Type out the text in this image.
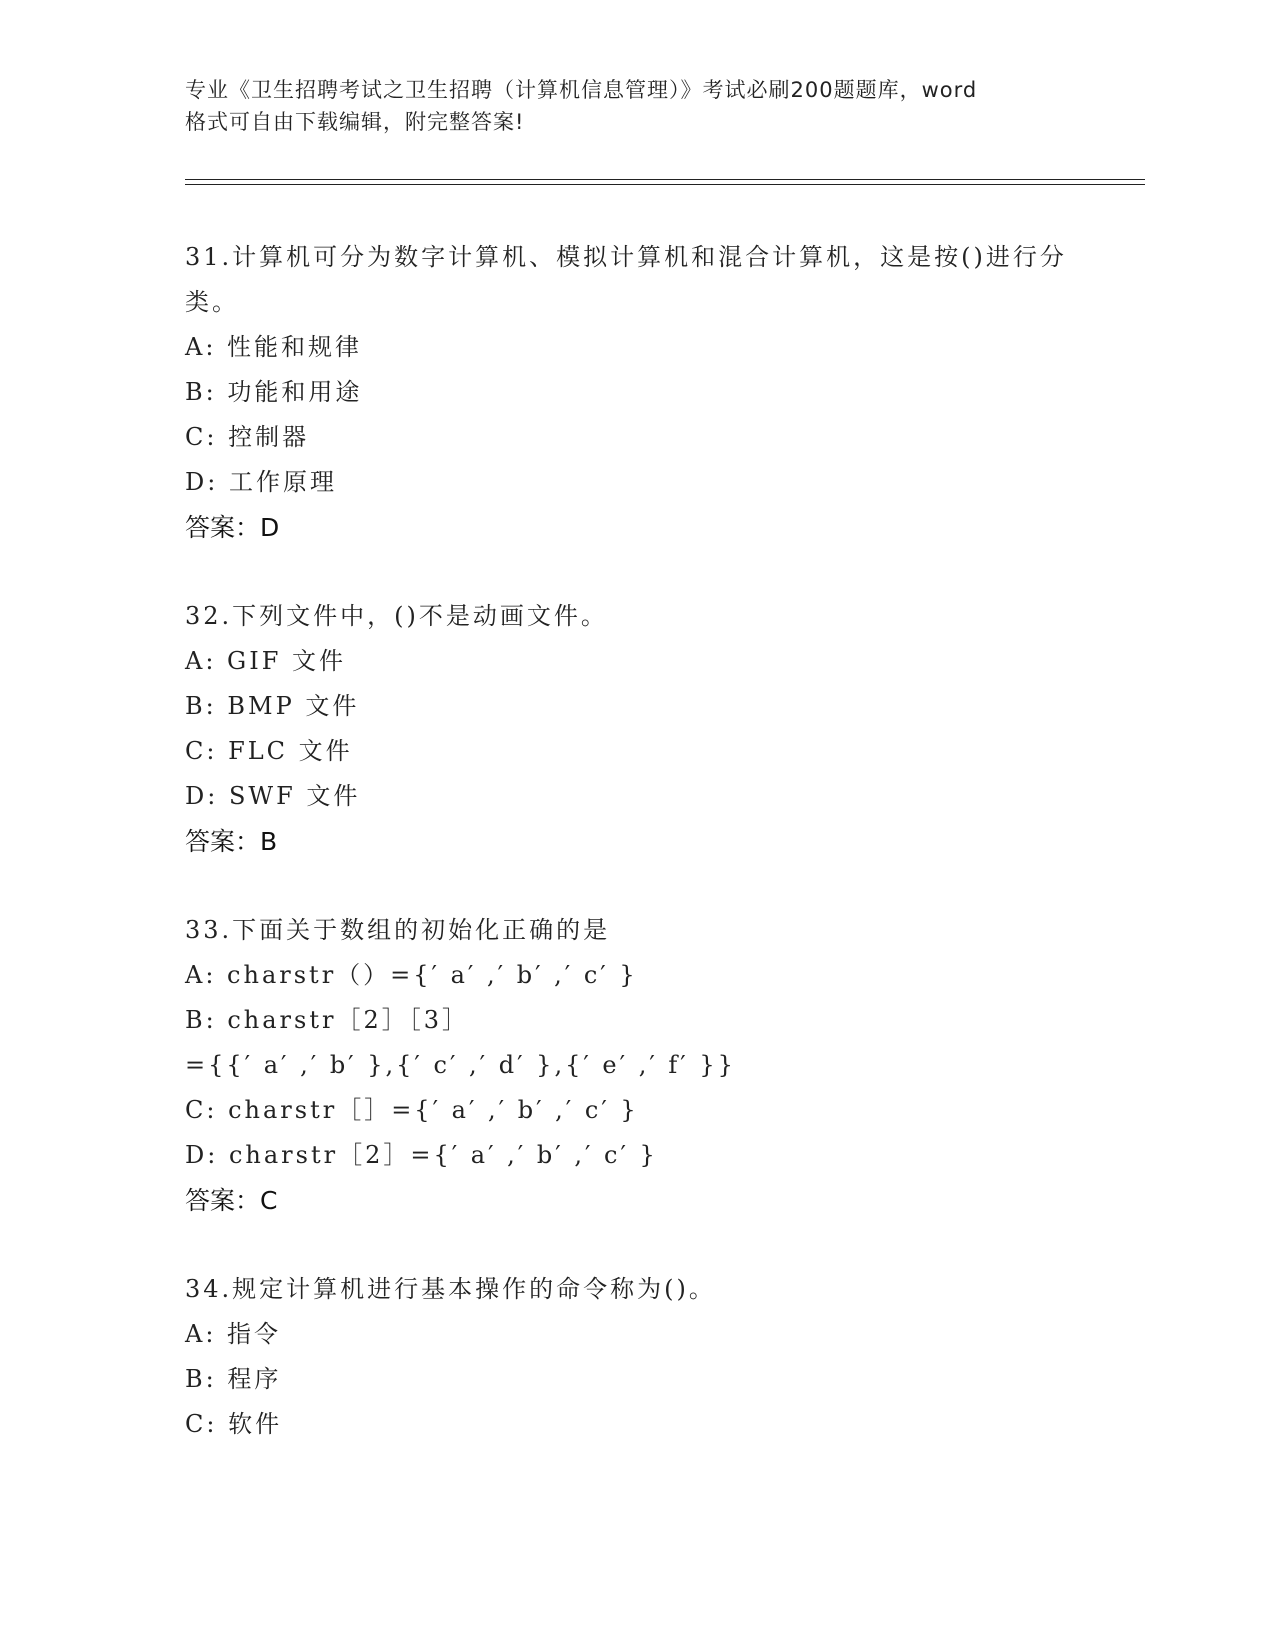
专业《卫生招聘考试之卫生招聘（计算机信息管理）》考试必刷200题题库，word
格式可自由下载编辑，附完整答案!
31.计算机可分为数字计算机、模拟计算机和混合计算机，这是按()进行分类。
A: 性能和规律
B: 功能和用途
C: 控制器
D: 工作原理
答案：D
32.下列文件中，()不是动画文件。
A: GIF 文件
B: BMP 文件
C: FLC 文件
D: SWF 文件
答案：B
33.下面关于数组的初始化正确的是
A: charstr（）={′ a′ ,′ b′ ,′ c′ }
B: charstr［2］［3］
={{′ a′ ,′ b′ },{′ c′ ,′ d′ },{′ e′ ,′ f′ }}
C: charstr［］={′ a′ ,′ b′ ,′ c′ }
D: charstr［2］={′ a′ ,′ b′ ,′ c′ }
答案：C
34.规定计算机进行基本操作的命令称为()。
A: 指令
B: 程序
C: 软件
